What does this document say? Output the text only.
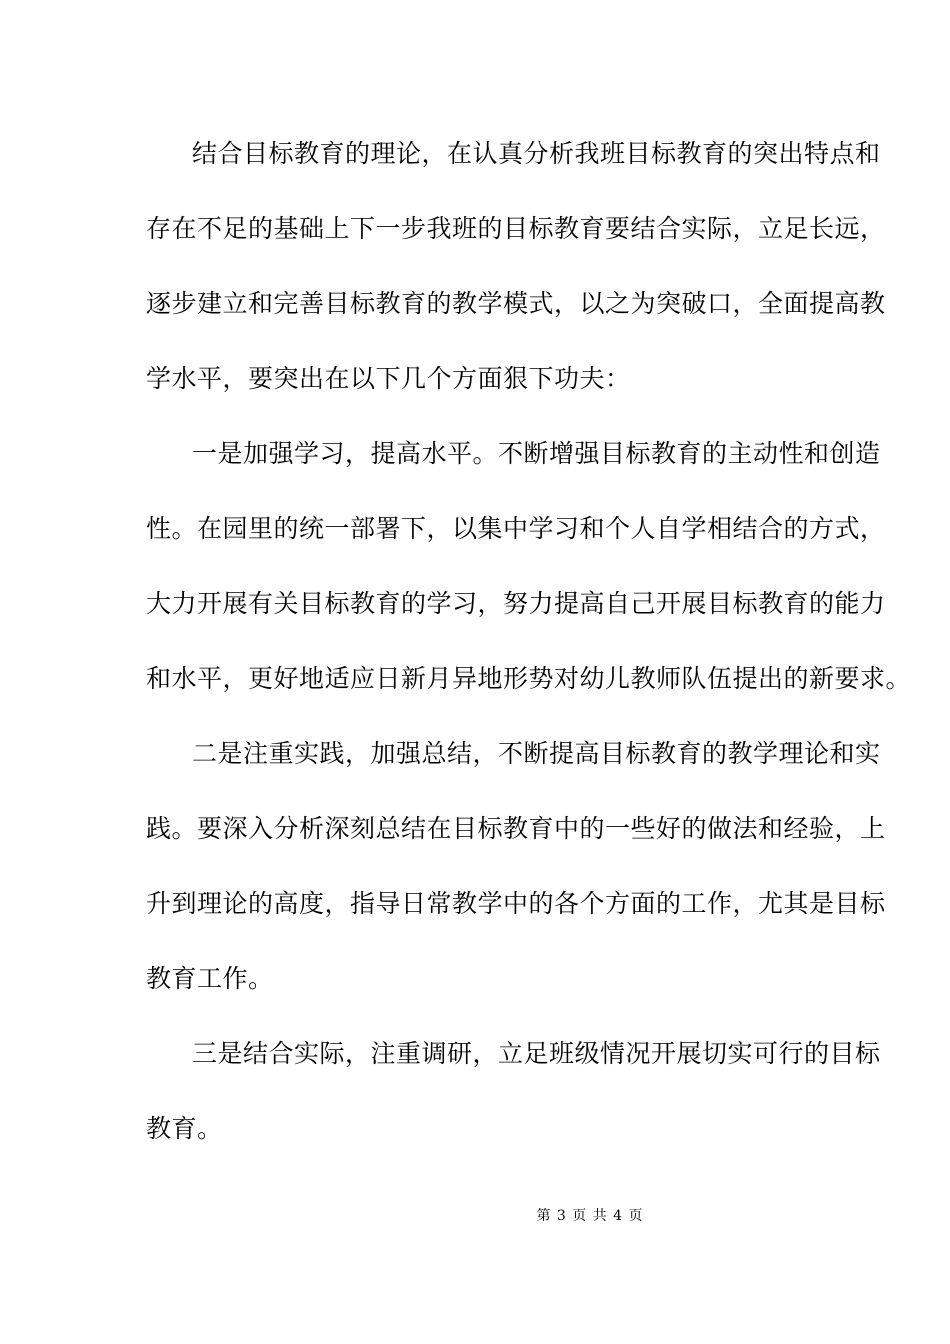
结合目标教育的理论，在认真分析我班目标教育的突出特点和
存在不足的基础上下一步我班的目标教育要结合实际，立足长远，
逐步建立和完善目标教育的教学模式，以之为突破口，全面提高教
学水平，要突出在以下几个方面狠下功夫：
一是加强学习，提高水平。不断增强目标教育的主动性和创造
性。在园里的统一部署下，以集中学习和个人自学相结合的方式，
大力开展有关目标教育的学习，努力提高自己开展目标教育的能力
和水平，更好地适应日新月异地形势对幼儿教师队伍提出的新要求。
二是注重实践，加强总结，不断提高目标教育的教学理论和实
践。要深入分析深刻总结在目标教育中的一些好的做法和经验，上
升到理论的高度，指导日常教学中的各个方面的工作，尤其是目标
教育工作。
三是结合实际，注重调研，立足班级情况开展切实可行的目标
教育。
第 3 页 共 4 页
